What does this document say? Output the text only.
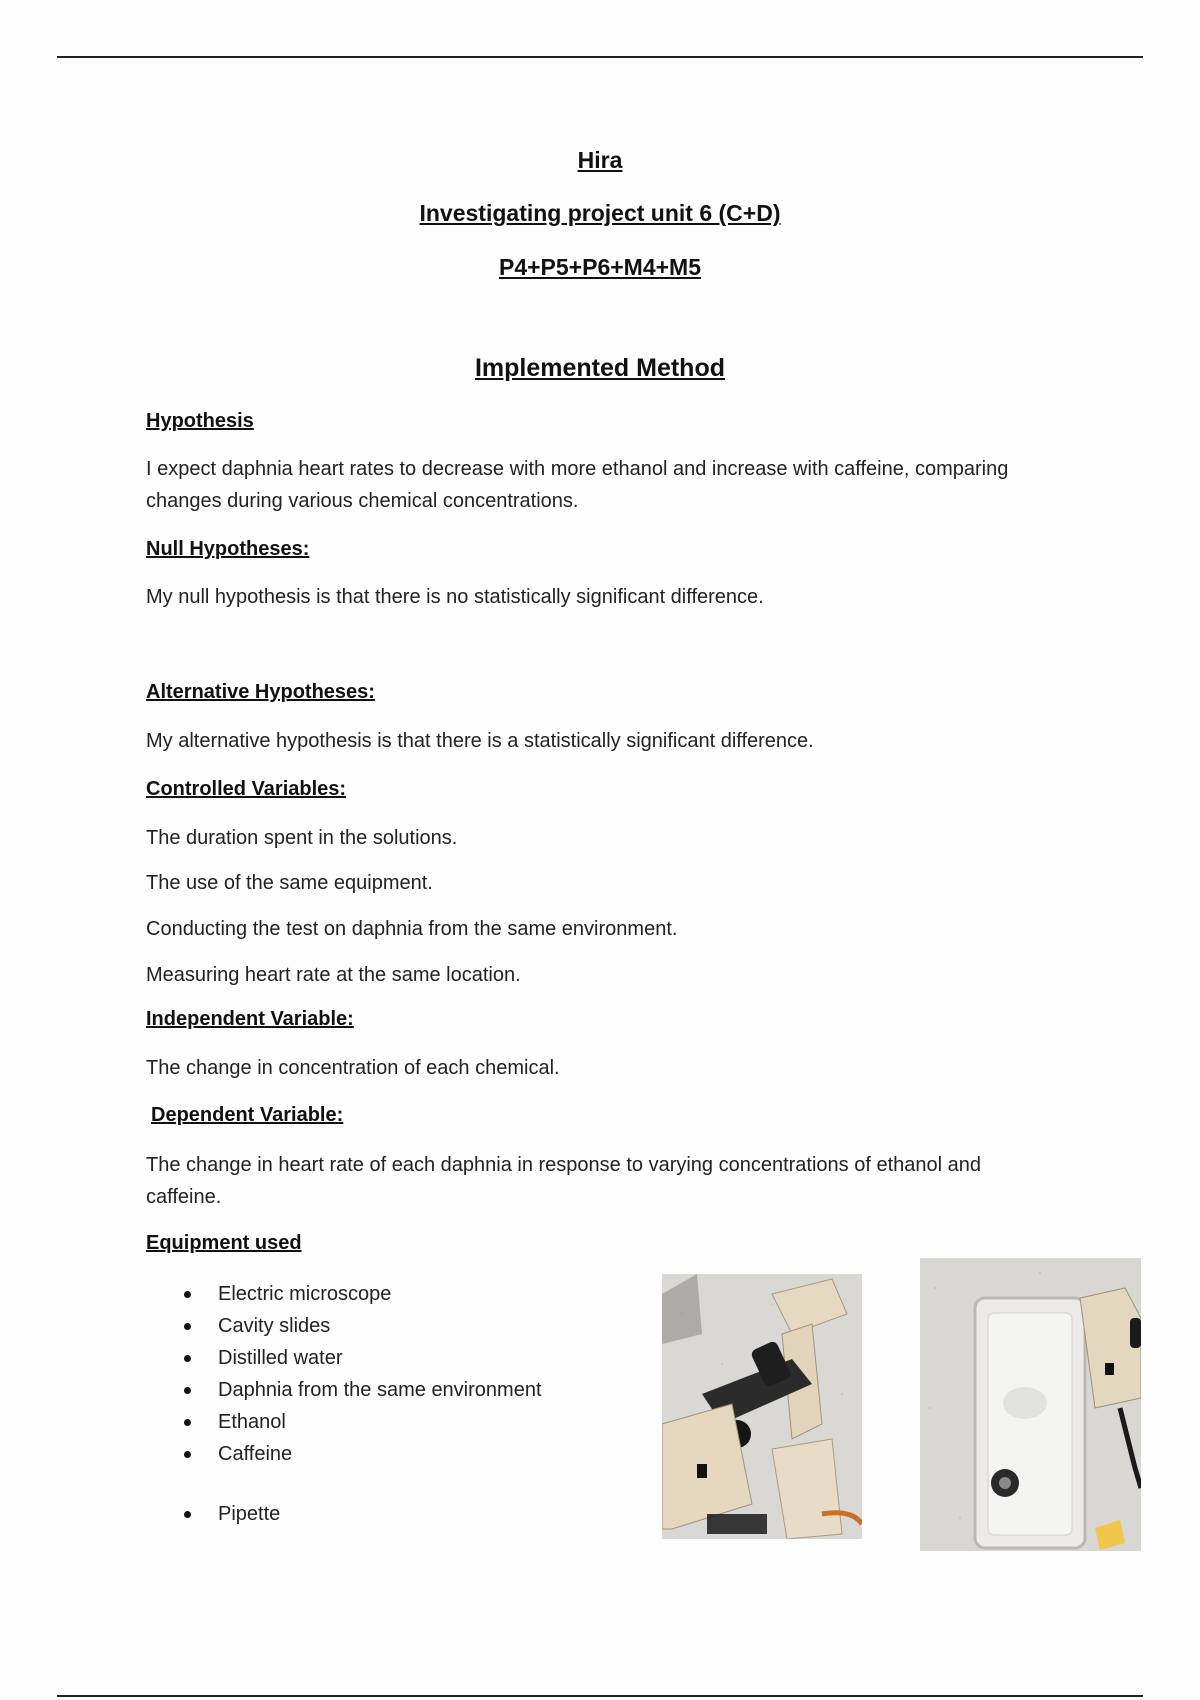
Hira
Investigating project unit 6 (C+D)
P4+P5+P6+M4+M5
Implemented Method
Hypothesis
I expect daphnia heart rates to decrease with more ethanol and increase with caffeine, comparing changes during various chemical concentrations.
Null Hypotheses:
My null hypothesis is that there is no statistically significant difference.
Alternative Hypotheses:
My alternative hypothesis is that there is a statistically significant difference.
Controlled Variables:
The duration spent in the solutions.
The use of the same equipment.
Conducting the test on daphnia from the same environment.
Measuring heart rate at the same location.
Independent Variable:
The change in concentration of each chemical.
Dependent Variable:
The change in heart rate of each daphnia in response to varying concentrations of ethanol and caffeine.
Equipment used
Electric microscope
Cavity slides
Distilled water
Daphnia from the same environment
Ethanol
Caffeine
Pipette
